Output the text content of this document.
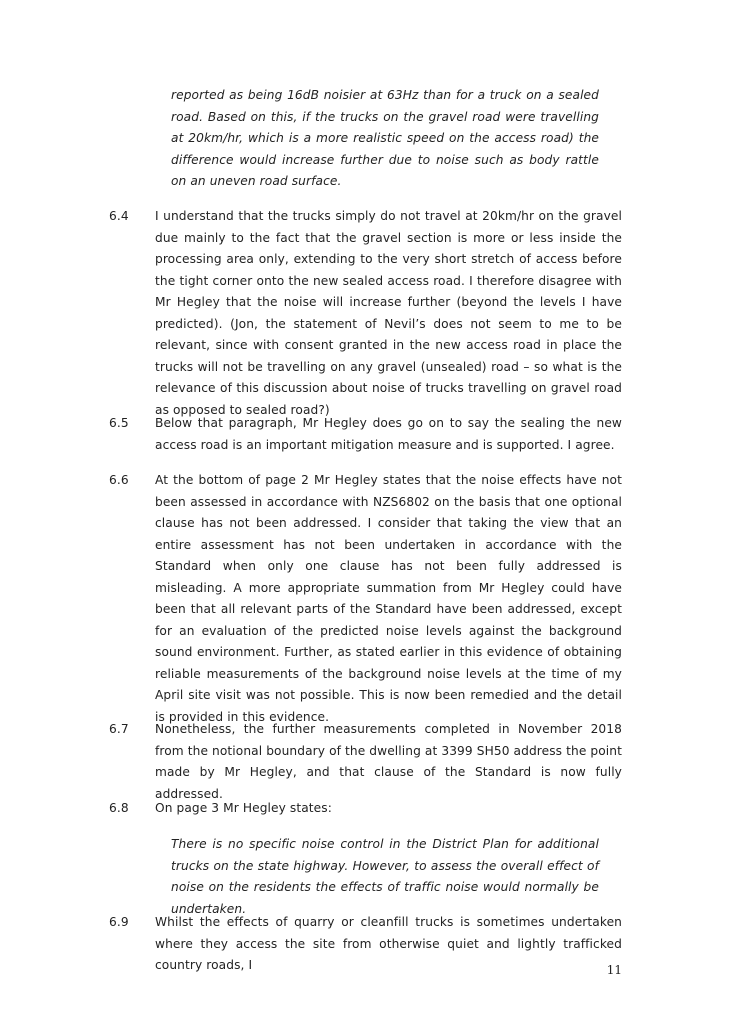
reported as being 16dB noisier at 63Hz than for a truck on a sealed road. Based on this, if the trucks on the gravel road were travelling at 20km/hr, which is a more realistic speed on the access road) the difference would increase further due to noise such as body rattle on an uneven road surface.
6.4	I understand that the trucks simply do not travel at 20km/hr on the gravel due mainly to the fact that the gravel section is more or less inside the processing area only, extending to the very short stretch of access before the tight corner onto the new sealed access road. I therefore disagree with Mr Hegley that the noise will increase further (beyond the levels I have predicted). (Jon, the statement of Nevil’s does not seem to me to be relevant, since with consent granted in the new access road in place the trucks will not be travelling on any gravel (unsealed) road – so what is the relevance of this discussion about noise of trucks travelling on gravel road as opposed to sealed road?)
6.5	Below that paragraph, Mr Hegley does go on to say the sealing the new access road is an important mitigation measure and is supported. I agree.
6.6	At the bottom of page 2 Mr Hegley states that the noise effects have not been assessed in accordance with NZS6802 on the basis that one optional clause has not been addressed. I consider that taking the view that an entire assessment has not been undertaken in accordance with the Standard when only one clause has not been fully addressed is misleading. A more appropriate summation from Mr Hegley could have been that all relevant parts of the Standard have been addressed, except for an evaluation of the predicted noise levels against the background sound environment. Further, as stated earlier in this evidence of obtaining reliable measurements of the background noise levels at the time of my April site visit was not possible. This is now been remedied and the detail is provided in this evidence.
6.7	Nonetheless, the further measurements completed in November 2018 from the notional boundary of the dwelling at 3399 SH50 address the point made by Mr Hegley, and that clause of the Standard is now fully addressed.
6.8	On page 3 Mr Hegley states:
There is no specific noise control in the District Plan for additional trucks on the state highway. However, to assess the overall effect of noise on the residents the effects of traffic noise would normally be undertaken.
6.9	Whilst the effects of quarry or cleanfill trucks is sometimes undertaken where they access the site from otherwise quiet and lightly trafficked country roads, I	11
